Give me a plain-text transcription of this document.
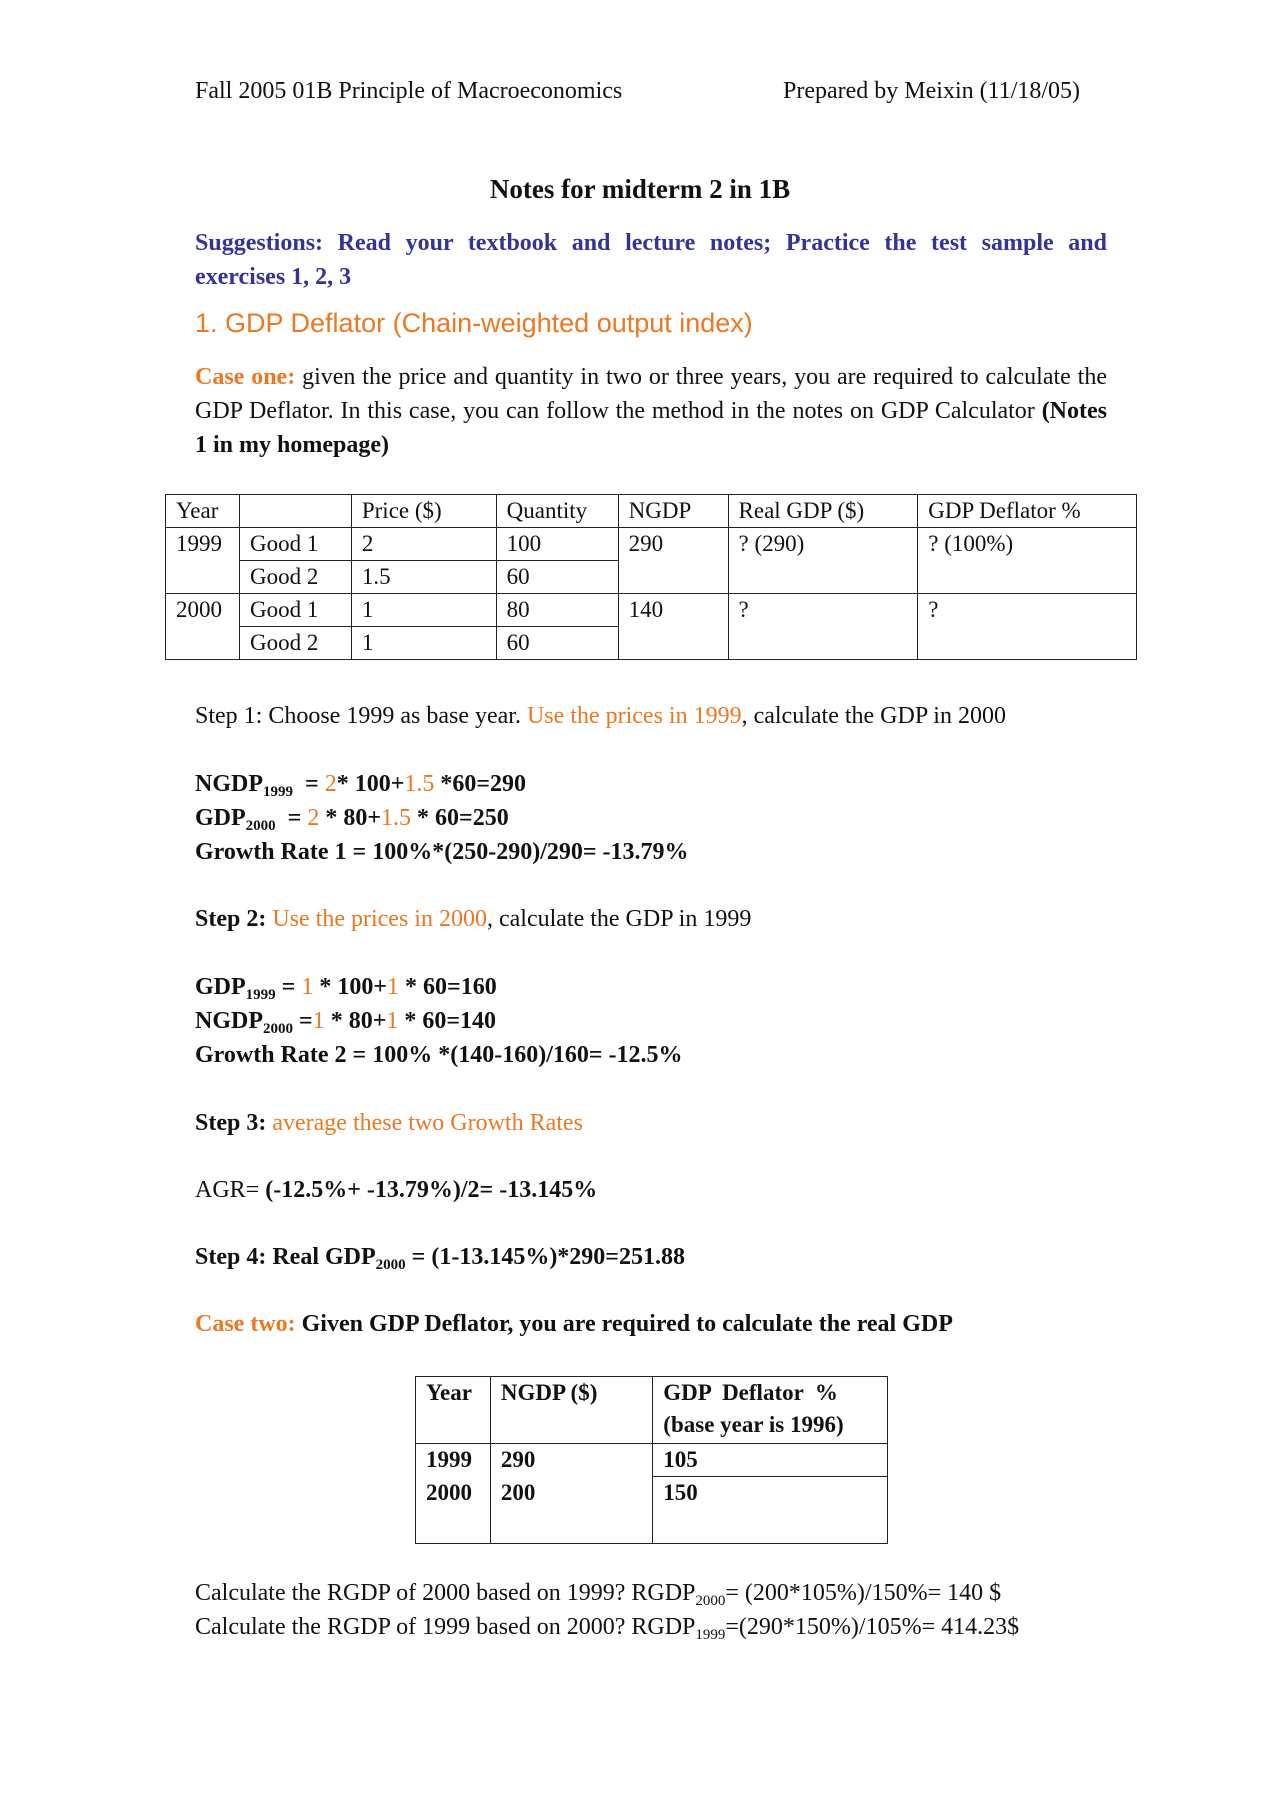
Fall 2005 01B Principle of Macroeconomics	Prepared by Meixin (11/18/05)
Notes for midterm 2 in 1B
Suggestions: Read your textbook and lecture notes; Practice the test sample and exercises 1, 2, 3
1. GDP Deflator (Chain-weighted output index)
Case one: given the price and quantity in two or three years, you are required to calculate the GDP Deflator. In this case, you can follow the method in the notes on GDP Calculator (Notes 1 in my homepage)
Year		Price ($)	Quantity	NGDP	Real GDP ($)	GDP Deflator %
1999	Good 1	2	100	290	? (290)	? (100%)
	Good 2	1.5	60			
2000	Good 1	1	80	140	?	?
	Good 2	1	60			
Step 1: Choose 1999 as base year. Use the prices in 1999, calculate the GDP in 2000
$NGDP_{1999} = 2*$ 100+1.5 *60=290
$GDP_{2000} = 2 * 80+1.5 * 60=250$
Growth Rate 1 = 100%*(250-290)/290= -13.79%
Step 2: Use the prices in 2000, calculate the GDP in 1999
$GDP_{1999} = 1 * 100+1 * 60=160$
$NGDP_{2000} =1 * 80+1 * 60=140$
Growth Rate 2 = 100% *(140-160)/160= -12.5%
Step 3: average these two Growth Rates
AGR= (-12.5%+ -13.79%)/2= -13.145%
Step 4: Real $GDP_{2000} = (1-13.145\%)*290=251.88$
Case two: Given GDP Deflator, you are required to calculate the real GDP
Year	NGDP ($)	GDP  Deflator  %
(base year is 1996)

1999	290	105
2000	200	150
Calculate the RGDP of 2000 based on 1999? $RGDP_{2000}= (200*105\%)/150\%= 140$ $
Calculate the RGDP of 1999 based on 2000? $RGDP_{1999}=(290*150\%)/105\%=$ 414.23$
